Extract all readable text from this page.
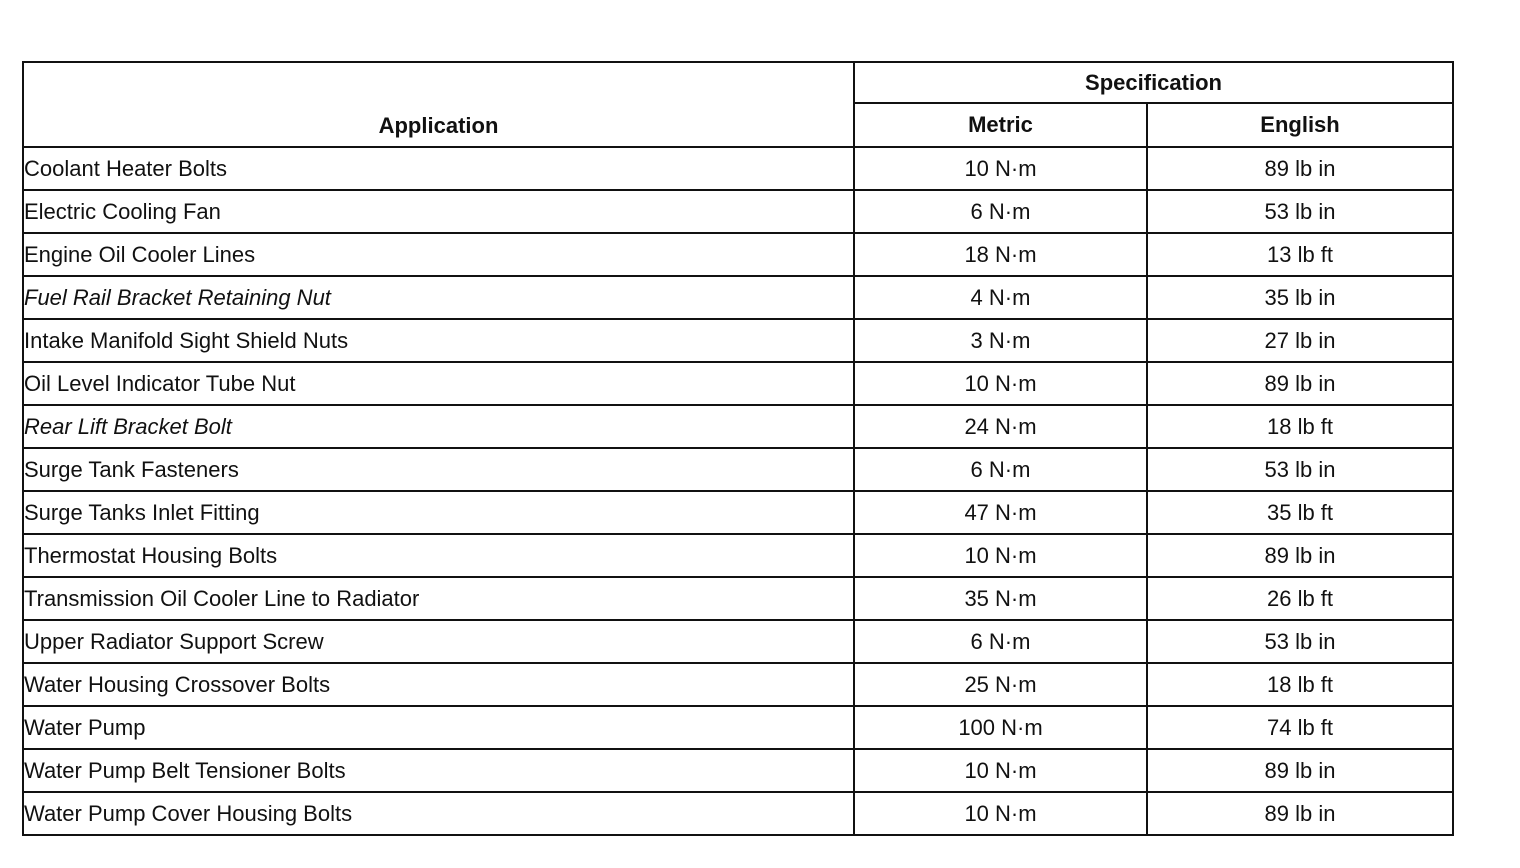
Application	Specification	
	Metric	English
Coolant Heater Bolts	10 N·m	89 lb in
Electric Cooling Fan	6 N·m	53 lb in
Engine Oil Cooler Lines	18 N·m	13 lb ft
Fuel Rail Bracket Retaining Nut	4 N·m	35 lb in
Intake Manifold Sight Shield Nuts	3 N·m	27 lb in
Oil Level Indicator Tube Nut	10 N·m	89 lb in
Rear Lift Bracket Bolt	24 N·m	18 lb ft
Surge Tank Fasteners	6 N·m	53 lb in
Surge Tanks Inlet Fitting	47 N·m	35 lb ft
Thermostat Housing Bolts	10 N·m	89 lb in
Transmission Oil Cooler Line to Radiator	35 N·m	26 lb ft
Upper Radiator Support Screw	6 N·m	53 lb in
Water Housing Crossover Bolts	25 N·m	18 lb ft
Water Pump	100 N·m	74 lb ft
Water Pump Belt Tensioner Bolts	10 N·m	89 lb in
Water Pump Cover Housing Bolts	10 N·m	89 lb in
